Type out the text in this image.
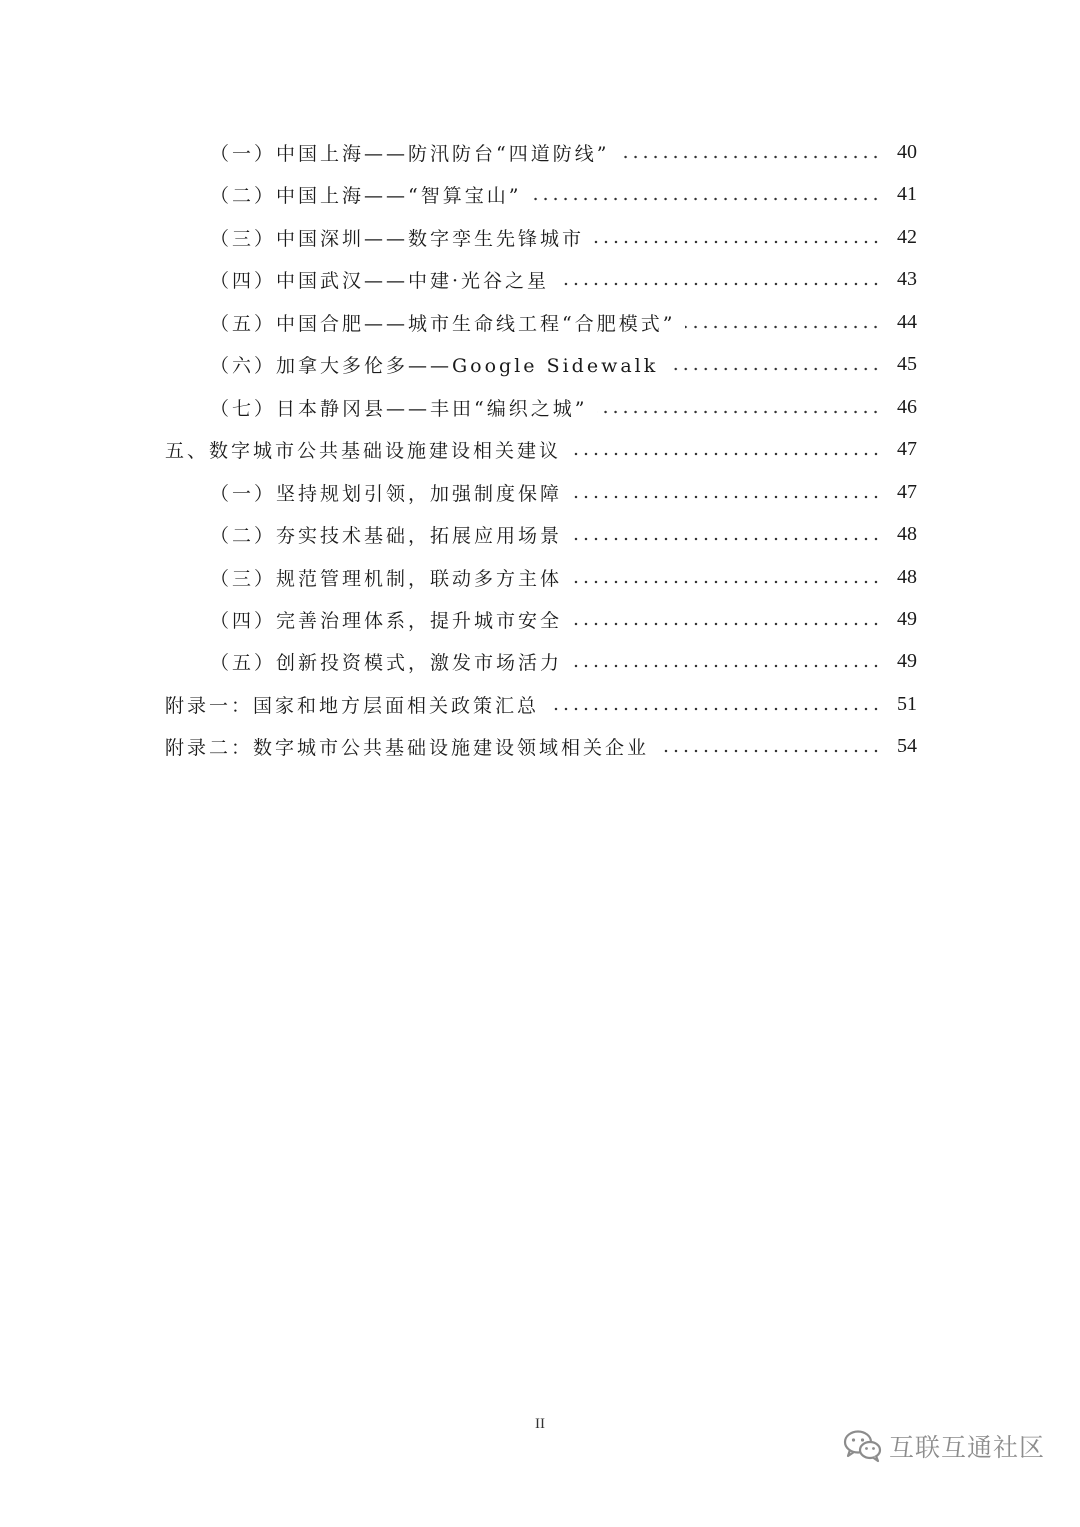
（一）中国上海——防汛防台“四道防线”	40
（二）中国上海——“智算宝山”	41
（三）中国深圳——数字孪生先锋城市	42
（四）中国武汉——中建·光谷之星	43
（五）中国合肥——城市生命线工程“合肥模式”	44
（六）加拿大多伦多——Google Sidewalk	45
（七）日本静冈县——丰田“编织之城”	46
五、数字城市公共基础设施建设相关建议	47
（一）坚持规划引领，加强制度保障	47
（二）夯实技术基础，拓展应用场景	48
（三）规范管理机制，联动多方主体	48
（四）完善治理体系，提升城市安全	49
（五）创新投资模式，激发市场活力	49
附录一：国家和地方层面相关政策汇总	51
附录二：数字城市公共基础设施建设领域相关企业	54
II
互联互通社区
